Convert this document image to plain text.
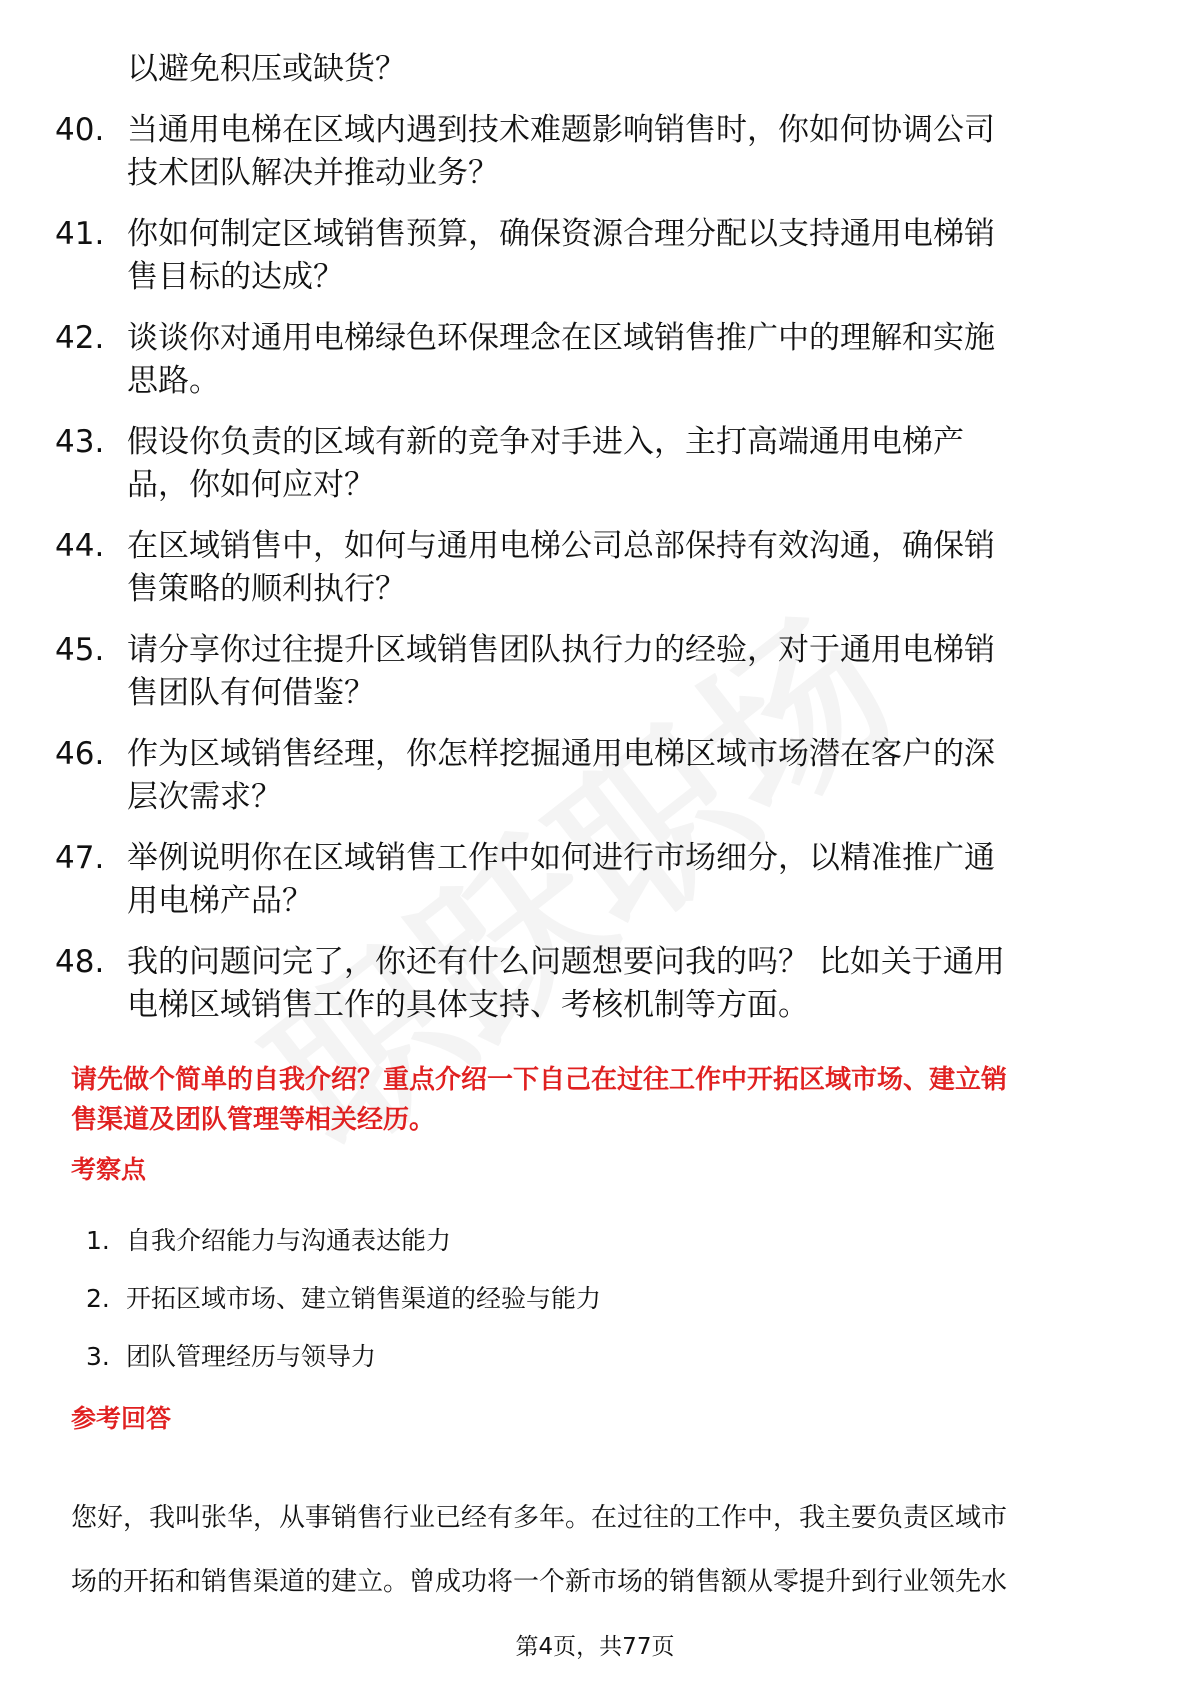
以避免积压或缺货？
40. 当通用电梯在区域内遇到技术难题影响销售时，你如何协调公司
技术团队解决并推动业务？
41. 你如何制定区域销售预算，确保资源合理分配以支持通用电梯销
售目标的达成？
42. 谈谈你对通用电梯绿色环保理念在区域销售推广中的理解和实施
思路。
43. 假设你负责的区域有新的竞争对手进入，主打高端通用电梯产
品，你如何应对？
44. 在区域销售中，如何与通用电梯公司总部保持有效沟通，确保销
售策略的顺利执行？
45. 请分享你过往提升区域销售团队执行力的经验，对于通用电梯销
售团队有何借鉴？
46. 作为区域销售经理，你怎样挖掘通用电梯区域市场潜在客户的深
层次需求？
47. 举例说明你在区域销售工作中如何进行市场细分，以精准推广通
用电梯产品？
48. 我的问题问完了，你还有什么问题想要问我的吗？ 比如关于通用
电梯区域销售工作的具体支持、考核机制等方面。
请先做个简单的自我介绍？重点介绍一下自己在过往工作中开拓区域市场、建立销
售渠道及团队管理等相关经历。
考察点
1. 自我介绍能力与沟通表达能力
2. 开拓区域市场、建立销售渠道的经验与能力
3. 团队管理经历与领导力
参考回答
您好，我叫张华，从事销售行业已经有多年。在过往的工作中，我主要负责区域市
场的开拓和销售渠道的建立。曾成功将一个新市场的销售额从零提升到行业领先水
第4页，共77页
